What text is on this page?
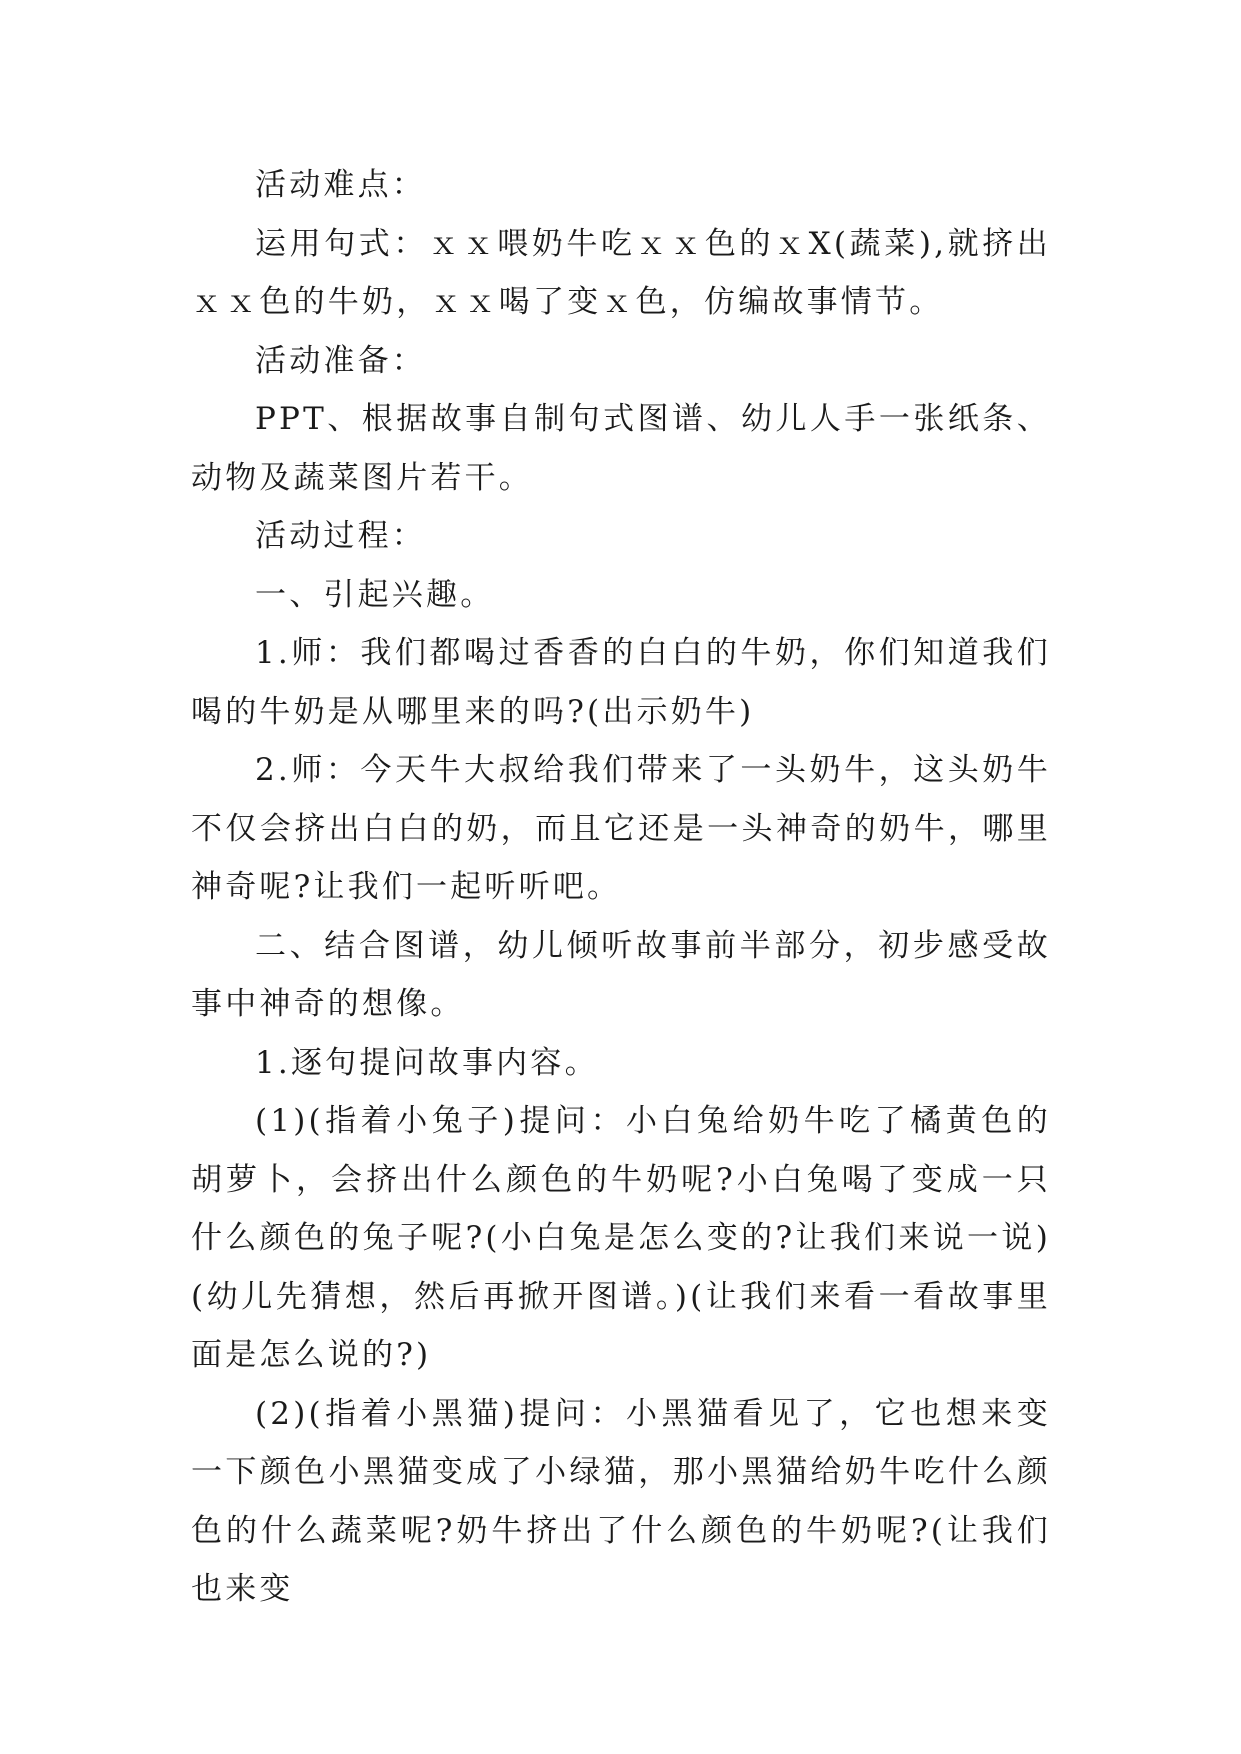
活动难点：

运用句式：ｘｘ喂奶牛吃ｘｘ色的ｘX(蔬菜),就挤出ｘｘ色的牛奶，ｘｘ喝了变ｘ色，仿编故事情节。

活动准备：

PPT、根据故事自制句式图谱、幼儿人手一张纸条、动物及蔬菜图片若干。

活动过程：

一、引起兴趣。

1.师：我们都喝过香香的白白的牛奶，你们知道我们喝的牛奶是从哪里来的吗?(出示奶牛)

2.师：今天牛大叔给我们带来了一头奶牛，这头奶牛不仅会挤出白白的奶，而且它还是一头神奇的奶牛，哪里神奇呢?让我们一起听听吧。

二、结合图谱，幼儿倾听故事前半部分，初步感受故事中神奇的想像。

1.逐句提问故事内容。

(1)(指着小兔子)提问：小白兔给奶牛吃了橘黄色的胡萝卜，会挤出什么颜色的牛奶呢?小白兔喝了变成一只什么颜色的兔子呢?(小白兔是怎么变的?让我们来说一说)(幼儿先猜想，然后再掀开图谱。)(让我们来看一看故事里面是怎么说的?)

(2)(指着小黑猫)提问：小黑猫看见了，它也想来变一下颜色小黑猫变成了小绿猫，那小黑猫给奶牛吃什么颜色的什么蔬菜呢?奶牛挤出了什么颜色的牛奶呢?(让我们也来变
